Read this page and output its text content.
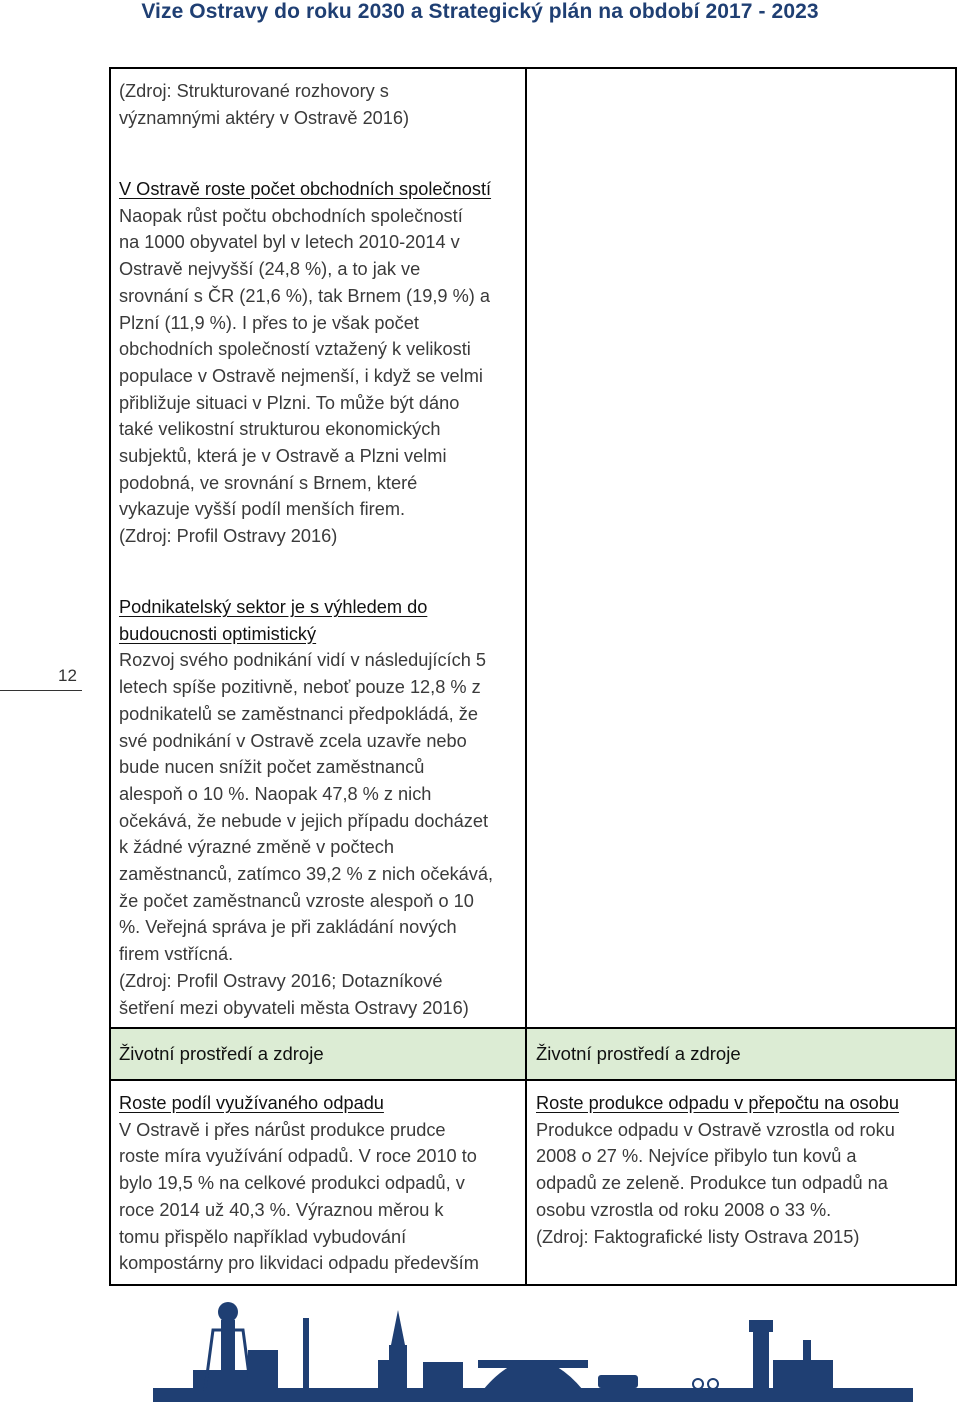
Vize Ostravy do roku 2030 a Strategický plán na období 2017 - 2023
(Zdroj: Strukturované rozhovory s
významnými aktéry v Ostravě 2016)
V Ostravě roste počet obchodních společností
Naopak růst počtu obchodních společností
na 1000 obyvatel byl v letech 2010-2014 v
Ostravě nejvyšší (24,8 %), a to jak ve
srovnání s ČR (21,6 %), tak Brnem (19,9 %) a
Plzní (11,9 %). I přes to je však počet
obchodních společností vztažený k velikosti
populace v Ostravě nejmenší, i když se velmi
přibližuje situaci v Plzni. To může být dáno
také velikostní strukturou ekonomických
subjektů, která je v Ostravě a Plzni velmi
podobná, ve srovnání s Brnem, které
vykazuje vyšší podíl menších firem.
(Zdroj: Profil Ostravy 2016)
Podnikatelský sektor je s výhledem do
budoucnosti optimistický
Rozvoj svého podnikání vidí v následujících 5
letech spíše pozitivně, neboť pouze 12,8 % z
podnikatelů se zaměstnanci předpokládá, že
své podnikání v Ostravě zcela uzavře nebo
bude nucen snížit počet zaměstnanců
alespoň o 10 %. Naopak 47,8 % z nich
očekává, že nebude v jejich případu docházet
k žádné výrazné změně v počtech
zaměstnanců, zatímco 39,2 % z nich očekává,
že počet zaměstnanců vzroste alespoň o 10
%. Veřejná správa je při zakládání nových
firem vstřícná.
(Zdroj: Profil Ostravy 2016; Dotazníkové
šetření mezi obyvateli města Ostravy 2016)
Životní prostředí a zdroje	Životní prostředí a zdroje
Roste podíl využívaného odpadu
V Ostravě i přes nárůst produkce prudce
roste míra využívání odpadů. V roce 2010 to
bylo 19,5 % na celkové produkci odpadů, v
roce 2014 už 40,3 %. Výraznou měrou k
tomu přispělo například vybudování
kompostárny pro likvidaci odpadu především
Roste produkce odpadu v přepočtu na osobu
Produkce odpadu v Ostravě vzrostla od roku
2008 o 27 %. Nejvíce přibylo tun kovů a
odpadů ze zeleně. Produkce tun odpadů na
osobu vzrostla od roku 2008 o 33 %.
(Zdroj: Faktografické listy Ostrava 2015)
12
